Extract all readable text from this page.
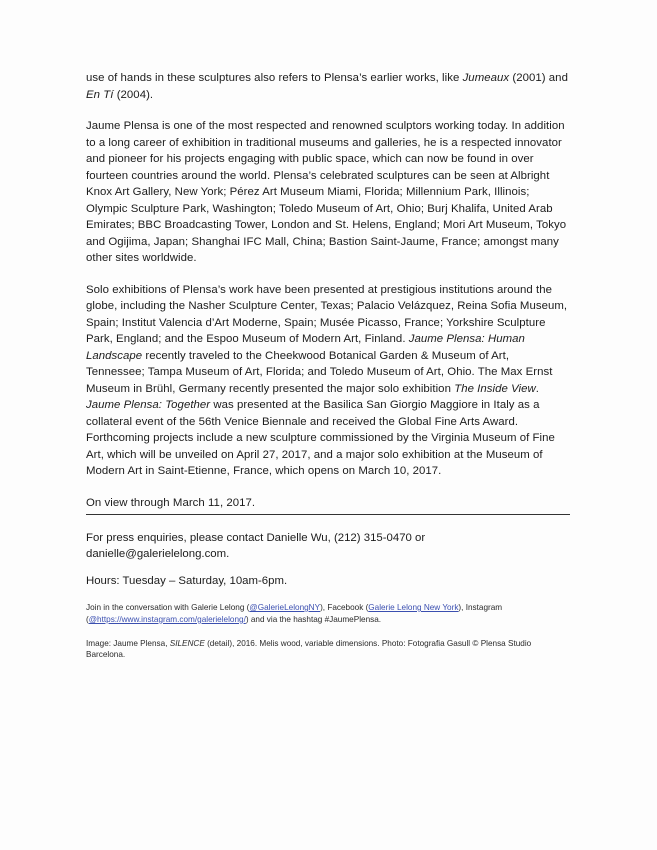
use of hands in these sculptures also refers to Plensa’s earlier works, like Jumeaux (2001) and En Tí (2004).

Jaume Plensa is one of the most respected and renowned sculptors working today. In addition to a long career of exhibition in traditional museums and galleries, he is a respected innovator and pioneer for his projects engaging with public space, which can now be found in over fourteen countries around the world. Plensa’s celebrated sculptures can be seen at Albright Knox Art Gallery, New York; Pérez Art Museum Miami, Florida; Millennium Park, Illinois; Olympic Sculpture Park, Washington; Toledo Museum of Art, Ohio; Burj Khalifa, United Arab Emirates; BBC Broadcasting Tower, London and St. Helens, England; Mori Art Museum, Tokyo and Ogijima, Japan; Shanghai IFC Mall, China; Bastion Saint-Jaume, France; amongst many other sites worldwide.

Solo exhibitions of Plensa’s work have been presented at prestigious institutions around the globe, including the Nasher Sculpture Center, Texas; Palacio Velázquez, Reina Sofia Museum, Spain; Institut Valencia d’Art Moderne, Spain; Musée Picasso, France; Yorkshire Sculpture Park, England; and the Espoo Museum of Modern Art, Finland. Jaume Plensa: Human Landscape recently traveled to the Cheekwood Botanical Garden & Museum of Art, Tennessee; Tampa Museum of Art, Florida; and Toledo Museum of Art, Ohio. The Max Ernst Museum in Brühl, Germany recently presented the major solo exhibition The Inside View. Jaume Plensa: Together was presented at the Basilica San Giorgio Maggiore in Italy as a collateral event of the 56th Venice Biennale and received the Global Fine Arts Award. Forthcoming projects include a new sculpture commissioned by the Virginia Museum of Fine Art, which will be unveiled on April 27, 2017, and a major solo exhibition at the Museum of Modern Art in Saint-Etienne, France, which opens on March 10, 2017.

On view through March 11, 2017.

For press enquiries, please contact Danielle Wu, (212) 315-0470 or danielle@galerielelong.com.

Hours: Tuesday – Saturday, 10am-6pm.

Join in the conversation with Galerie Lelong (@GalerieLelongNY), Facebook (Galerie Lelong New York), Instagram (@https://www.instagram.com/galerielelong/) and via the hashtag #JaumePlensa.

Image: Jaume Plensa, SILENCE (detail), 2016. Melis wood, variable dimensions. Photo: Fotografia Gasull © Plensa Studio Barcelona.
